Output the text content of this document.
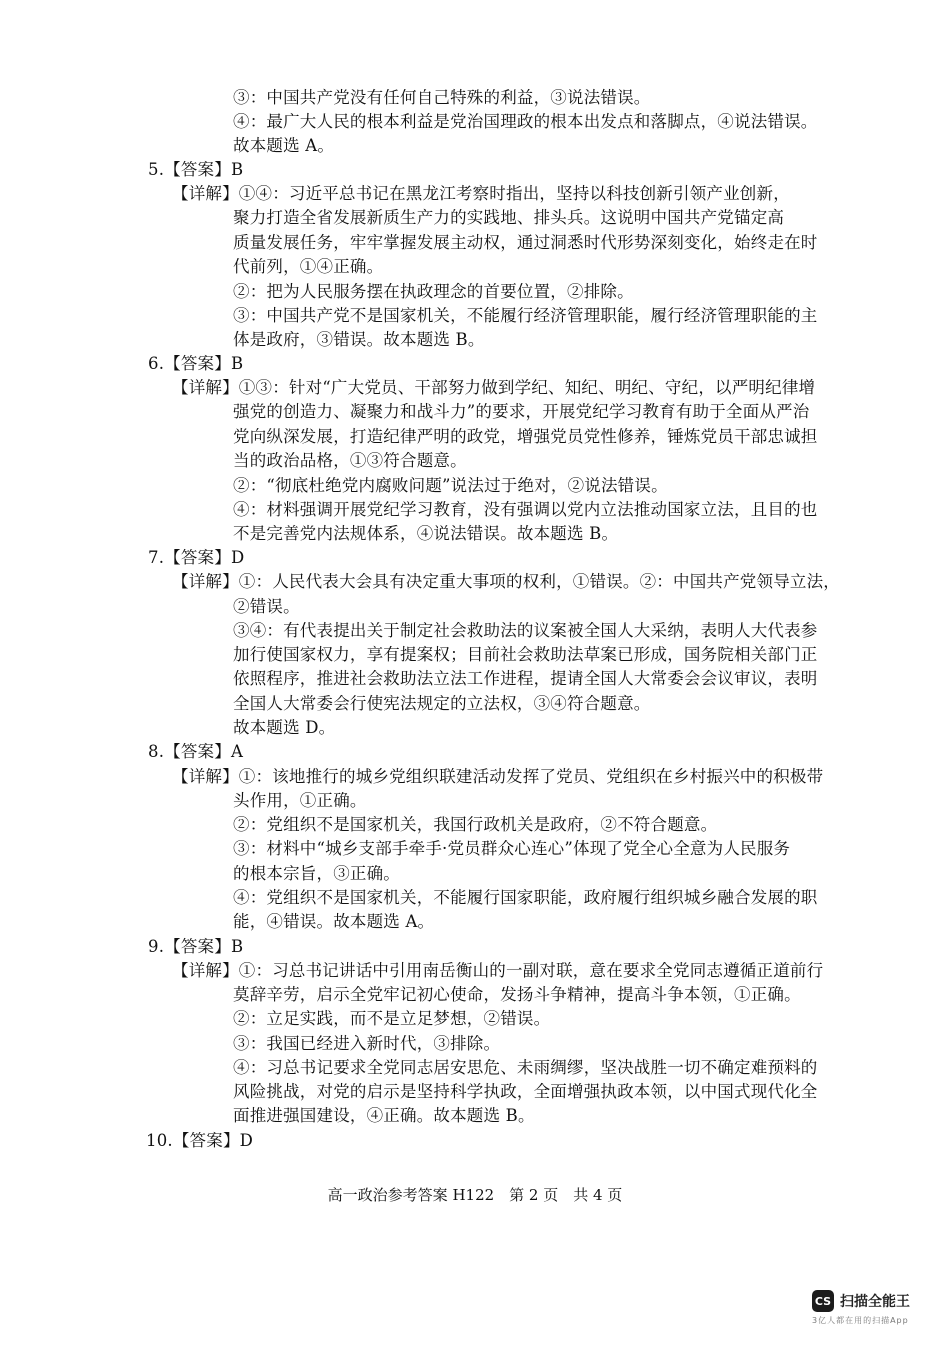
③：中国共产党没有任何自己特殊的利益，③说法错误。
④：最广大人民的根本利益是党治国理政的根本出发点和落脚点，④说法错误。
故本题选 A。
5.【答案】B
【详解】①④：习近平总书记在黑龙江考察时指出，坚持以科技创新引领产业创新，
聚力打造全省发展新质生产力的实践地、排头兵。这说明中国共产党锚定高
质量发展任务，牢牢掌握发展主动权，通过洞悉时代形势深刻变化，始终走在时
代前列，①④正确。
②：把为人民服务摆在执政理念的首要位置，②排除。
③：中国共产党不是国家机关，不能履行经济管理职能，履行经济管理职能的主
体是政府，③错误。故本题选 B。
6.【答案】B
【详解】①③：针对“广大党员、干部努力做到学纪、知纪、明纪、守纪，以严明纪律增
强党的创造力、凝聚力和战斗力”的要求，开展党纪学习教育有助于全面从严治
党向纵深发展，打造纪律严明的政党，增强党员党性修养，锤炼党员干部忠诚担
当的政治品格，①③符合题意。
②：“彻底杜绝党内腐败问题”说法过于绝对，②说法错误。
④：材料强调开展党纪学习教育，没有强调以党内立法推动国家立法，且目的也
不是完善党内法规体系，④说法错误。故本题选 B。
7.【答案】D
【详解】①：人民代表大会具有决定重大事项的权利，①错误。②：中国共产党领导立法，
②错误。
③④：有代表提出关于制定社会救助法的议案被全国人大采纳，表明人大代表参
加行使国家权力，享有提案权；目前社会救助法草案已形成，国务院相关部门正
依照程序，推进社会救助法立法工作进程，提请全国人大常委会会议审议，表明
全国人大常委会行使宪法规定的立法权，③④符合题意。
故本题选 D。
8.【答案】A
【详解】①：该地推行的城乡党组织联建活动发挥了党员、党组织在乡村振兴中的积极带
头作用，①正确。
②：党组织不是国家机关，我国行政机关是政府，②不符合题意。
③：材料中“城乡支部手牵手·党员群众心连心”体现了党全心全意为人民服务
的根本宗旨，③正确。
④：党组织不是国家机关，不能履行国家职能，政府履行组织城乡融合发展的职
能，④错误。故本题选 A。
9.【答案】B
【详解】①：习总书记讲话中引用南岳衡山的一副对联，意在要求全党同志遵循正道前行
莫辞辛劳，启示全党牢记初心使命，发扬斗争精神，提高斗争本领，①正确。
②：立足实践，而不是立足梦想，②错误。
③：我国已经进入新时代，③排除。
④：习总书记要求全党同志居安思危、未雨绸缪，坚决战胜一切不确定难预料的
风险挑战，对党的启示是坚持科学执政，全面增强执政本领，以中国式现代化全
面推进强国建设，④正确。故本题选 B。
10.【答案】D
高一政治参考答案 H122　第 2 页　共 4 页
CS 扫描全能王
3亿人都在用的扫描App
